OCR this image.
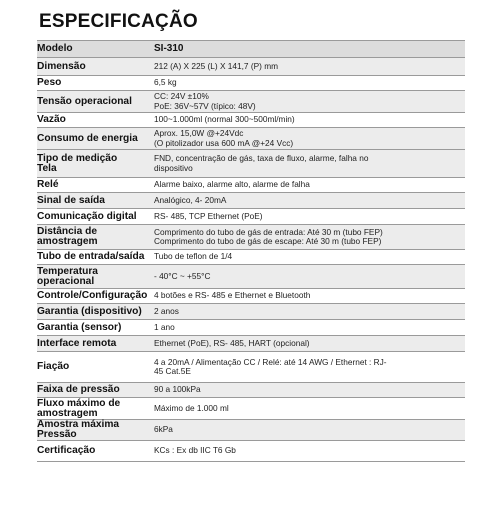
ESPECIFICAÇÃO
Modelo	SI-310

Dimensão	212 (A) X 225 (L) X 141,7 (P) mm

Peso	6,5 kg

Tensão operacional	CC: 24V ±10%
PoE: 36V~57V (típico: 48V)

Vazão	100~1.000ml (normal 300~500ml/min)

Consumo de energia	Aprox. 15,0W @+24Vdc
(O pitolizador usa 600 mA @+24 Vcc)

Tipo de medição
Tela	FND, concentração de gás, taxa de fluxo, alarme, falha no
dispositivo

Relé	Alarme baixo, alarme alto, alarme de falha

Sinal de saída	Analógico, 4- 20mA

Comunicação digital	RS- 485, TCP Ethernet (PoE)

Distância de
amostragem	Comprimento do tubo de gás de entrada: Até 30 m (tubo FEP)
Comprimento do tubo de gás de escape: Até 30 m (tubo FEP)

Tubo de entrada/saída	Tubo de teflon de 1/4

Temperatura
operacional	- 40°C ~ +55°C

Controle/Configuração	4 botões e RS- 485 e Ethernet e Bluetooth

Garantia (dispositivo)	2 anos

Garantia (sensor)	1 ano

Interface remota	Ethernet (PoE), RS- 485, HART (opcional)

Fiação	4 a 20mA / Alimentação CC / Relé: até 14 AWG / Ethernet : RJ-
45 Cat.5E

Faixa de pressão	90 a 100kPa

Fluxo máximo de
amostragem	Máximo de 1.000 ml

Amostra máxima
Pressão	6kPa

Certificação	KCs : Ex db IIC T6 Gb
